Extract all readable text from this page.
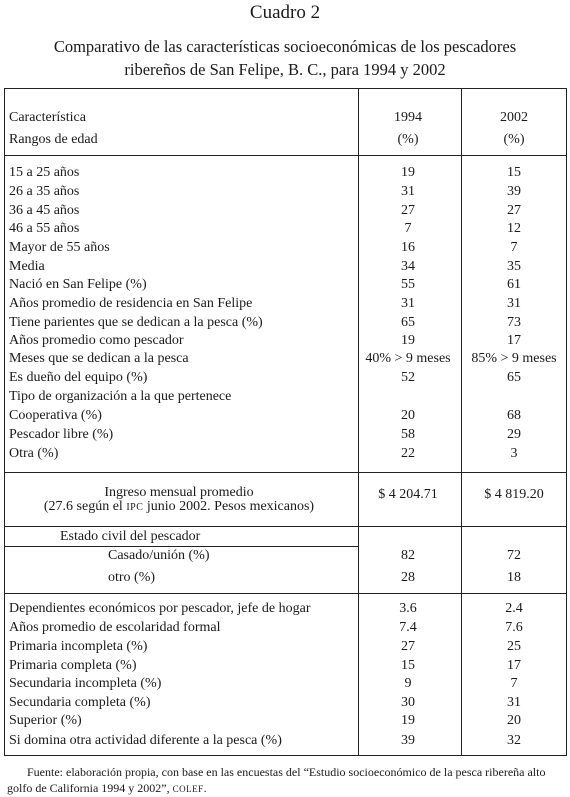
Cuadro 2
Comparativo de las características socioeconómicas de los pescadores
ribereños de San Felipe, B. C., para 1994 y 2002
Característica	1994	2002
Rangos de edad	(%)	(%)
15 a 25 años	19	15
26 a 35 años	31	39
36 a 45 años	27	27
46 a 55 años	7	12
Mayor de 55 años	16	7
Media	34	35
Nació en San Felipe (%)	55	61
Años promedio de residencia en San Felipe	31	31
Tiene parientes que se dedican a la pesca (%)	65	73
Años promedio como pescador	19	17
Meses que se dedican a la pesca	40% > 9 meses	85% > 9 meses
Es dueño del equipo (%)	52	65
Tipo de organización a la que pertenece
Cooperativa (%)	20	68
Pescador libre (%)	58	29
Otra (%)	22	3
Ingreso mensual promedio
(27.6 según el IPC junio 2002. Pesos mexicanos)
$ 4 204.71	$ 4 819.20
Estado civil del pescador
Casado/unión (%)	82	72
otro (%)	28	18
Dependientes económicos por pescador, jefe de hogar	3.6	2.4
Años promedio de escolaridad formal	7.4	7.6
Primaria incompleta (%)	27	25
Primaria completa (%)	15	17
Secundaria incompleta (%)	9	7
Secundaria completa (%)	30	31
Superior (%)	19	20
Si domina otra actividad diferente a la pesca (%)	39	32
Fuente: elaboración propia, con base en las encuestas del “Estudio socioeconómico de la pesca ribereña alto golfo de California 1994 y 2002”, COLEF.
